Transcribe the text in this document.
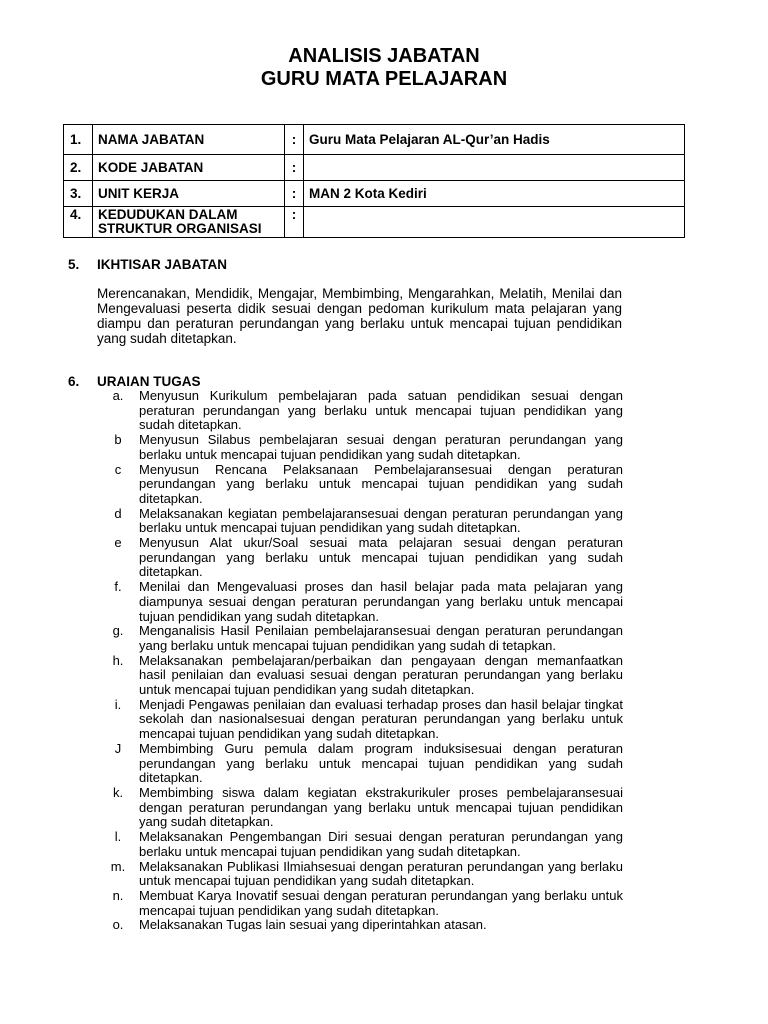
ANALISIS JABATAN
GURU MATA PELAJARAN
1.	NAMA JABATAN	:	Guru Mata Pelajaran AL-Qur’an Hadis
2.	KODE JABATAN	:	
3.	UNIT KERJA	:	MAN 2 Kota Kediri
4.	KEDUDUKAN DALAM STRUKTUR ORGANISASI	:	
5. IKHTISAR JABATAN
Merencanakan, Mendidik, Mengajar, Membimbing, Mengarahkan, Melatih, Menilai dan Mengevaluasi peserta didik sesuai dengan pedoman kurikulum mata pelajaran yang diampu dan peraturan perundangan yang berlaku untuk mencapai tujuan pendidikan yang sudah ditetapkan.
6. URAIAN TUGAS
a.	Menyusun Kurikulum pembelajaran pada satuan pendidikan sesuai dengan peraturan perundangan yang berlaku untuk mencapai tujuan pendidikan yang sudah ditetapkan.
b	Menyusun Silabus pembelajaran sesuai dengan peraturan perundangan yang berlaku untuk mencapai tujuan pendidikan yang sudah ditetapkan.
c	Menyusun Rencana Pelaksanaan Pembelajaransesuai dengan peraturan perundangan yang berlaku untuk mencapai tujuan pendidikan yang sudah ditetapkan.
d	Melaksanakan kegiatan pembelajaransesuai dengan peraturan perundangan yang berlaku untuk mencapai tujuan pendidikan yang sudah ditetapkan.
e	Menyusun Alat ukur/Soal sesuai mata pelajaran sesuai dengan peraturan perundangan yang berlaku untuk mencapai tujuan pendidikan yang sudah ditetapkan.
f.	Menilai dan Mengevaluasi proses dan hasil belajar pada mata pelajaran yang diampunya sesuai dengan peraturan perundangan yang berlaku untuk mencapai tujuan pendidikan yang sudah ditetapkan.
g.	Menganalisis Hasil Penilaian pembelajaransesuai dengan peraturan perundangan yang berlaku untuk mencapai tujuan pendidikan yang sudah di tetapkan.
h.	Melaksanakan pembelajaran/perbaikan dan pengayaan dengan memanfaatkan hasil penilaian dan evaluasi sesuai dengan peraturan perundangan yang berlaku untuk mencapai tujuan pendidikan yang sudah ditetapkan.
i.	Menjadi Pengawas penilaian dan evaluasi terhadap proses dan hasil belajar tingkat sekolah dan nasionalsesuai dengan peraturan perundangan yang berlaku untuk mencapai tujuan pendidikan yang sudah ditetapkan.
J	Membimbing Guru pemula dalam program induksisesuai dengan peraturan perundangan yang berlaku untuk mencapai tujuan pendidikan yang sudah ditetapkan.
k.	Membimbing siswa dalam kegiatan ekstrakurikuler proses pembelajaransesuai dengan peraturan perundangan yang berlaku untuk mencapai tujuan pendidikan yang sudah ditetapkan.
l.	Melaksanakan Pengembangan Diri sesuai dengan peraturan perundangan yang berlaku untuk mencapai tujuan pendidikan yang sudah ditetapkan.
m.	Melaksanakan Publikasi Ilmiahsesuai dengan peraturan perundangan yang berlaku untuk mencapai tujuan pendidikan yang sudah ditetapkan.
n.	Membuat Karya Inovatif sesuai dengan peraturan perundangan yang berlaku untuk mencapai tujuan pendidikan yang sudah ditetapkan.
o.	Melaksanakan Tugas lain sesuai yang diperintahkan atasan.
